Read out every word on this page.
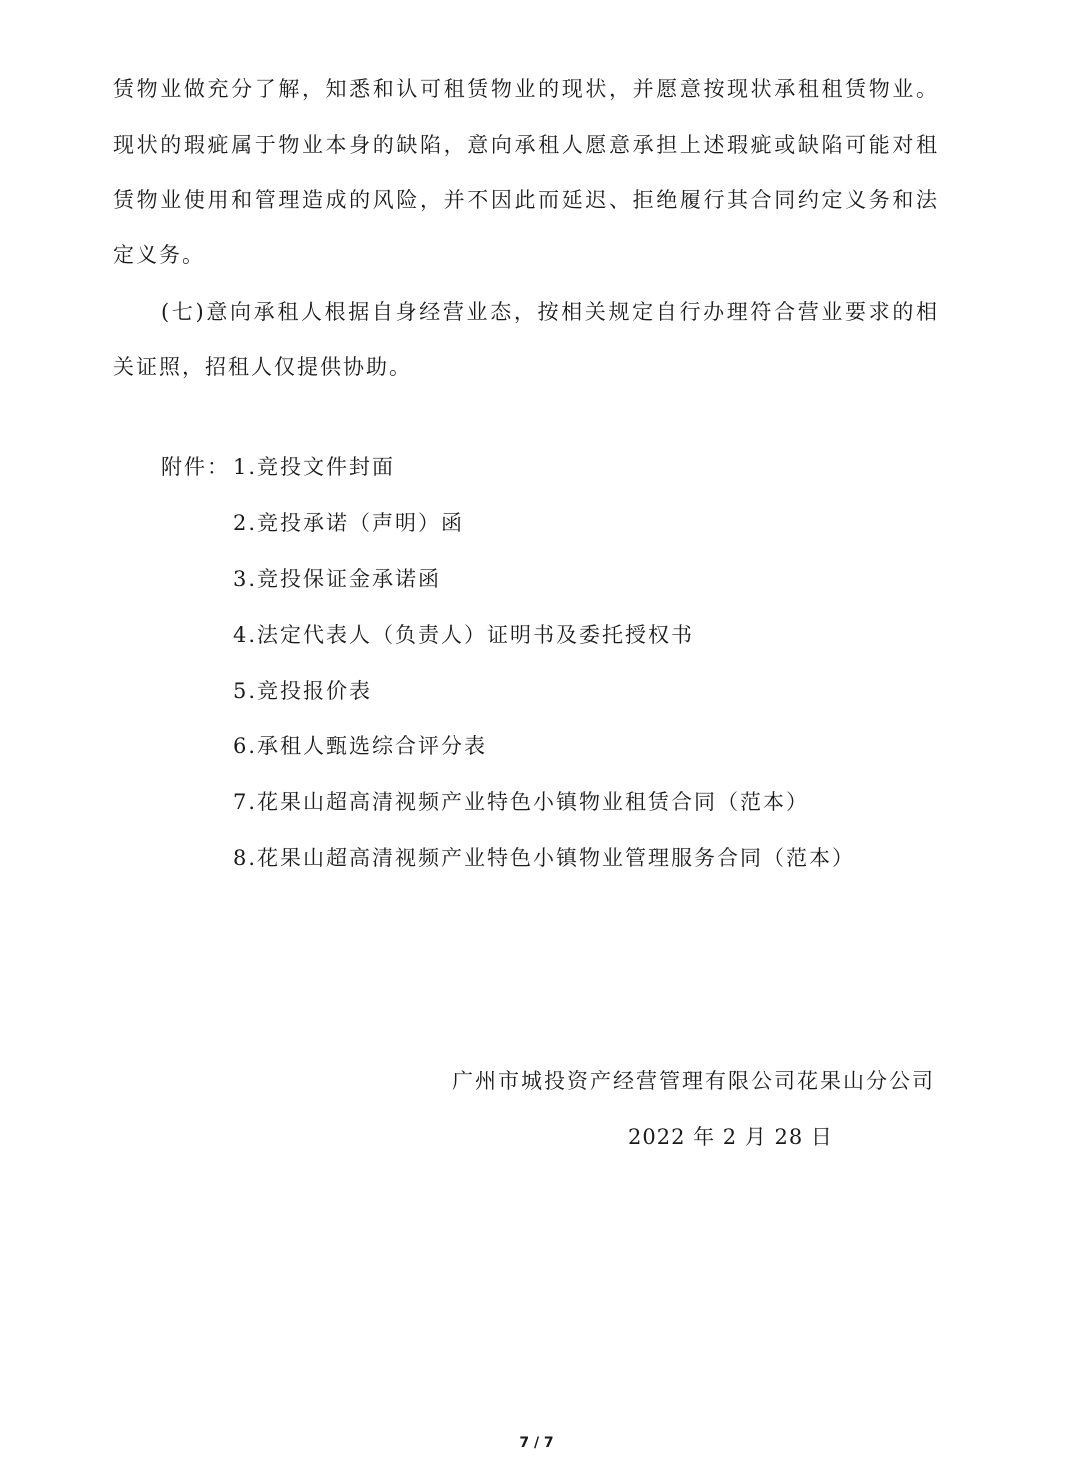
赁物业做充分了解，知悉和认可租赁物业的现状，并愿意按现状承租租赁物业。
现状的瑕疵属于物业本身的缺陷，意向承租人愿意承担上述瑕疵或缺陷可能对租
赁物业使用和管理造成的风险，并不因此而延迟、拒绝履行其合同约定义务和法
定义务。
(七)意向承租人根据自身经营业态，按相关规定自行办理符合营业要求的相
关证照，招租人仅提供协助。
附件： 1.竞投文件封面
2.竞投承诺（声明）函
3.竞投保证金承诺函
4.法定代表人（负责人）证明书及委托授权书
5.竞投报价表
6.承租人甄选综合评分表
7.花果山超高清视频产业特色小镇物业租赁合同（范本）
8.花果山超高清视频产业特色小镇物业管理服务合同（范本）
广州市城投资产经营管理有限公司花果山分公司
2022 年 2 月 28 日
7 / 7
